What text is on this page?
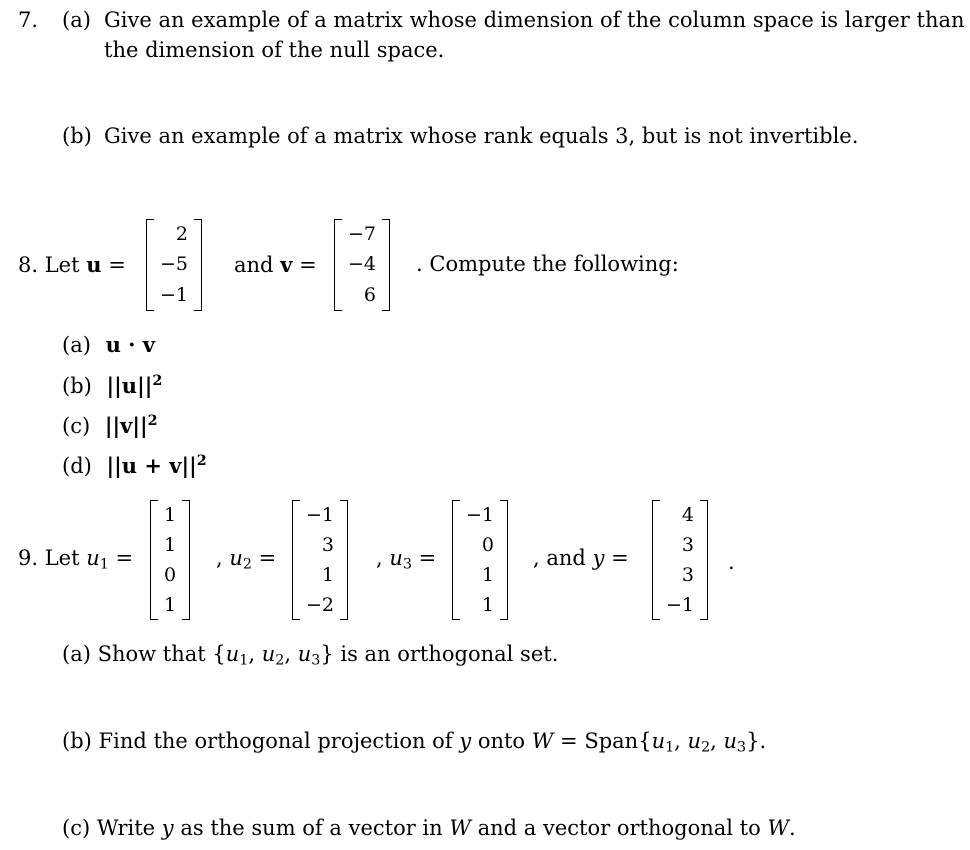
7. (a) Give an example of a matrix whose dimension of the column space is larger than
the dimension of the null space.
(b) Give an example of a matrix whose rank equals 3, but is not invertible.
8. Let u =
2
−5
−1
and v =
−7
−4
6
. Compute the following:
(a) u · v
(b) $||u||^2$
(c) $||v||^2$
(d) $||u + v||^2$
9. Let $u_1$ =
1
1
0
1
, $u_2$ =
−1
3
1
−2
, $u_3$ =
−1
0
1
1
, and y =
4
3
3
−1
.
(a) Show that {$u_1$, $u_2$, $u_3$} is an orthogonal set.
(b) Find the orthogonal projection of y onto $W = Span\{u_1$, $u_2$, $u_3$}.
(c) Write y as the sum of a vector in W and a vector orthogonal to W.
